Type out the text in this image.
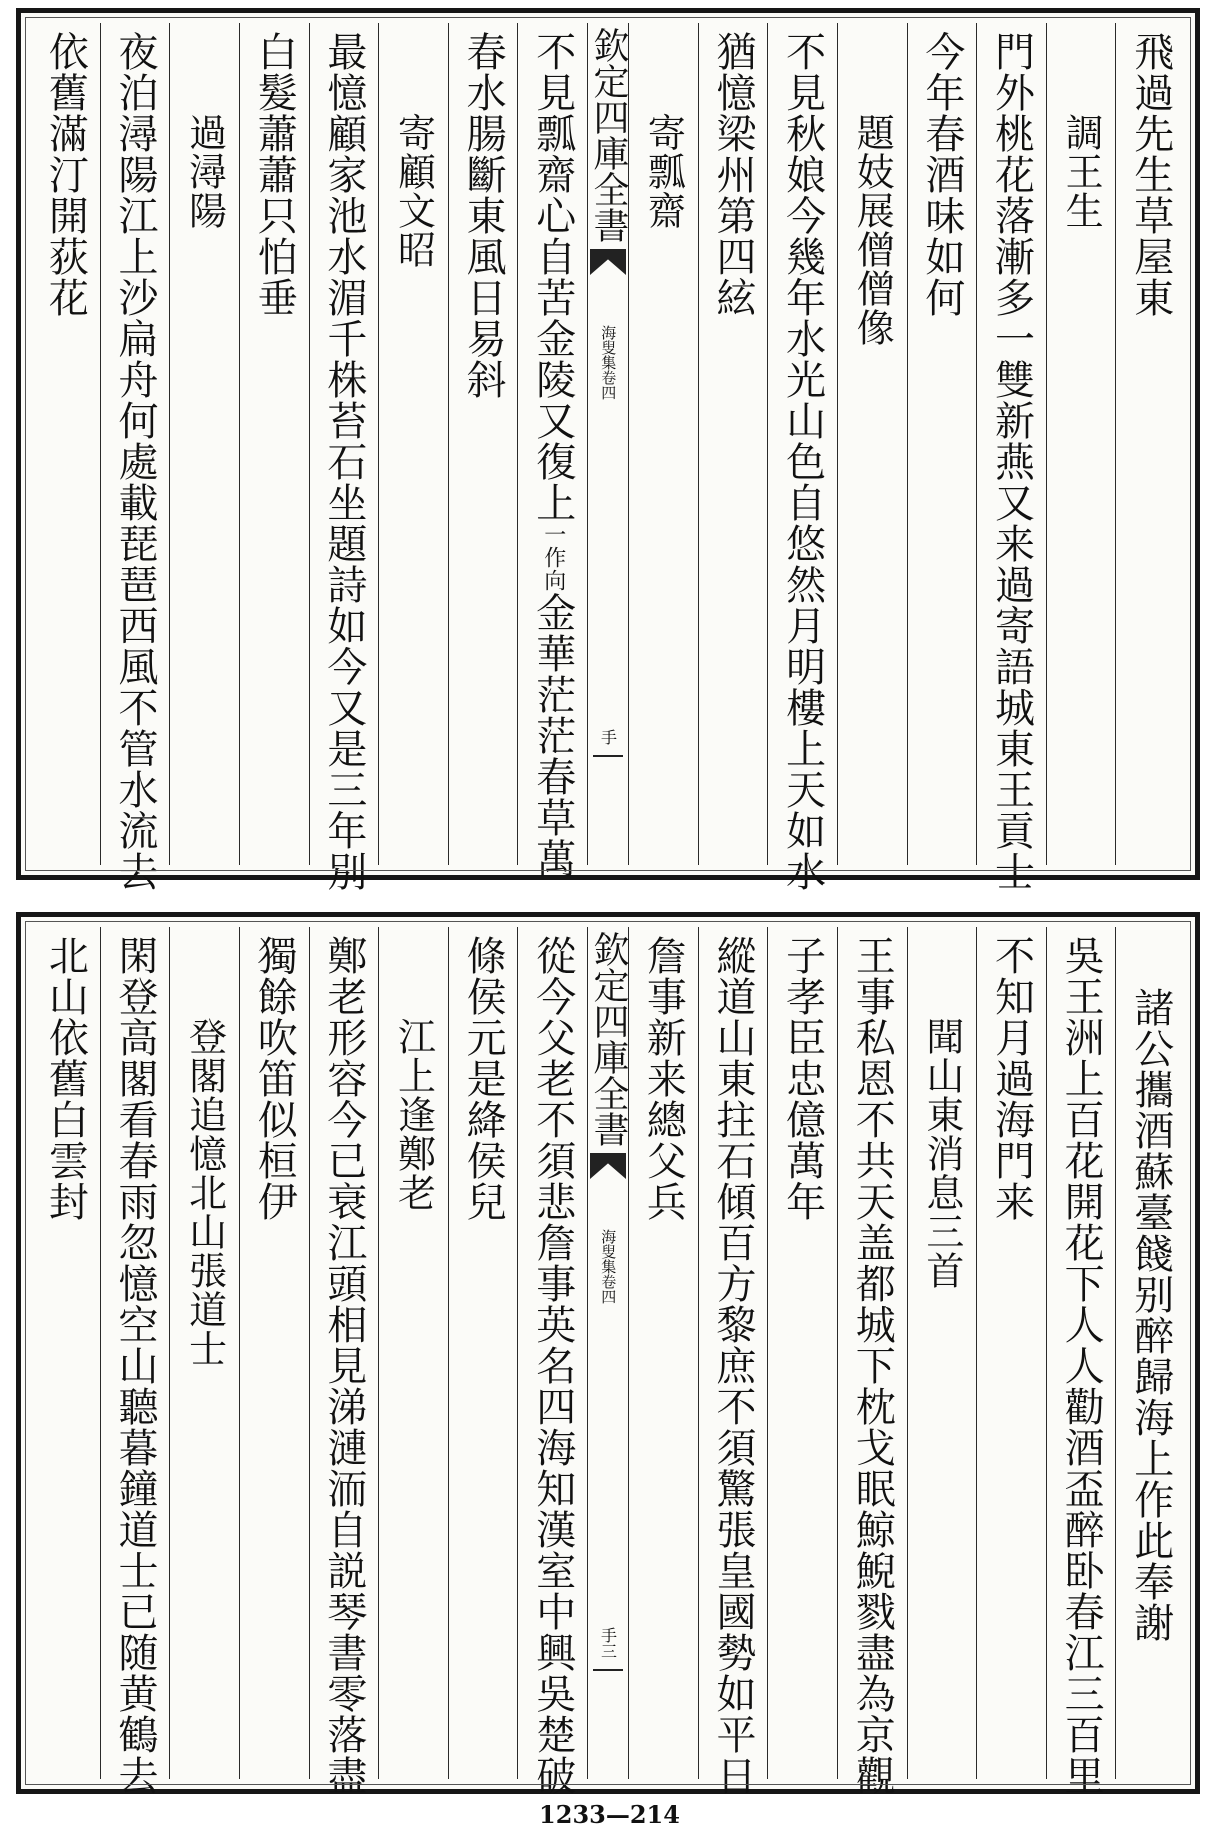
飛過先生草屋東
調王生
門外桃花落漸多一雙新燕又来過寄語城東王貢士
今年春酒味如何
題妓展僧僧像
不見秋娘今幾年水光山色自悠然月明樓上天如水
猶憶梁州第四絃
寄瓢齋
欽定四庫全書
海叟集卷四
手
不見瓢齋心自苦金陵又復上一作向金華茫茫春草萬
春水腸斷東風日易斜
寄顧文昭
最憶顧家池水湄千株苔石坐題詩如今又是三年別
白髮蕭蕭只怕垂
過潯陽
夜泊潯陽江上沙扁舟何處載琵琶西風不管水流去
依舊滿汀開荻花
諸公攜酒蘇臺餞别醉歸海上作此奉謝
吳王洲上百花開花下人人勸酒盃醉卧春江三百里
不知月過海門来
聞山東消息三首
王事私恩不共天盖都城下枕戈眠鯨鯢戮盡為京觀
子孝臣忠億萬年
縱道山東拄石傾百方黎庶不須驚張皇國勢如平日
詹事新来總父兵
欽定四庫全書
海叟集卷四
手三
從今父老不須悲詹事英名四海知漢室中興吳楚破
條侯元是絳侯兒
江上逢鄭老
鄭老形容今已衰江頭相見涕漣洏自説琴書零落盡
獨餘吹笛似桓伊
登閣追憶北山張道士
閑登高閣看春雨忽憶空山聽暮鐘道士已随黄鶴去
北山依舊白雲封
1233—214
